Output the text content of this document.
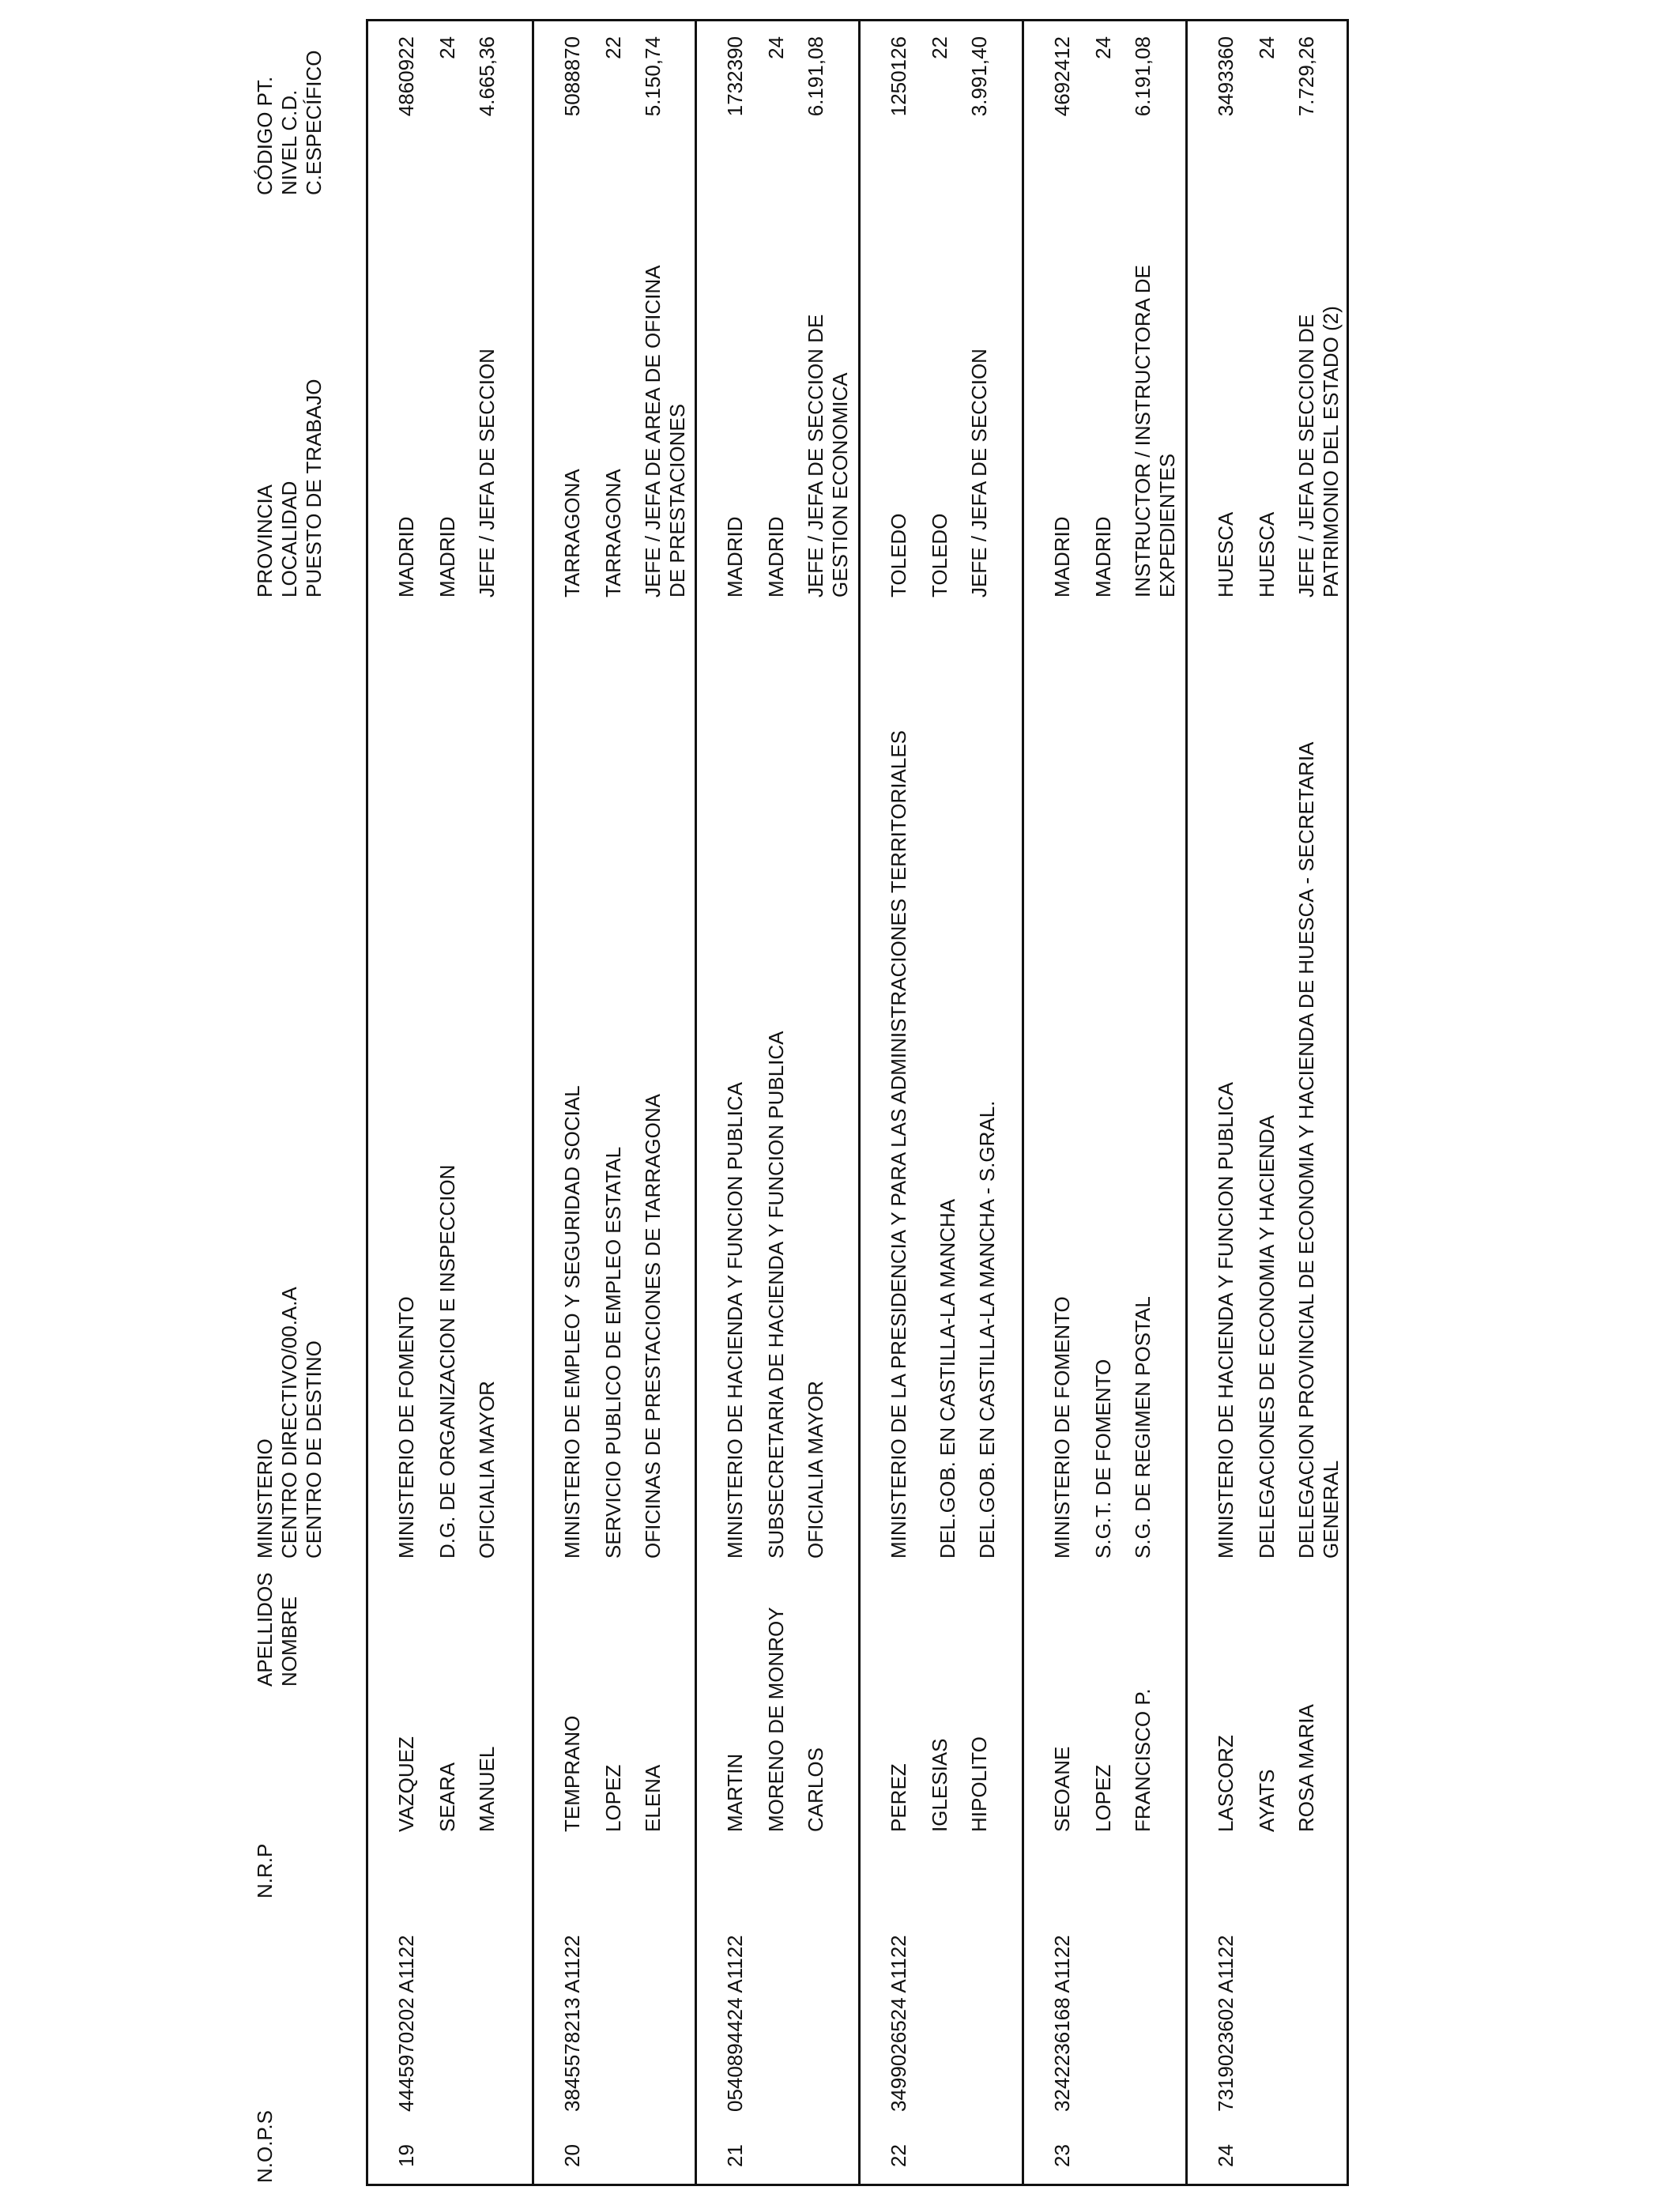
N.O.P.S
N.R.P
APELLIDOS NOMBRE
MINISTERIO CENTRO DIRECTIVO/00.A.A CENTRO DE DESTINO
PROVINCIA LOCALIDAD PUESTO DE TRABAJO
CÓDIGO PT. NIVEL C.D. C.ESPECÍFICO
19
4445970202 A1122
VAZQUEZ SEARA MANUEL
MINISTERIO DE FOMENTO D.G. DE ORGANIZACION E INSPECCION OFICIALIA MAYOR
MADRID MADRID JEFE / JEFA DE SECCION
4860922 24 4.665,36
20
3845578213 A1122
TEMPRANO LOPEZ ELENA
MINISTERIO DE EMPLEO Y SEGURIDAD SOCIAL SERVICIO PUBLICO DE EMPLEO ESTATAL OFICINAS DE PRESTACIONES DE TARRAGONA
TARRAGONA TARRAGONA JEFE / JEFA DE AREA DE OFICINA DE PRESTACIONES
5088870 22 5.150,74
21
0540894424 A1122
MARTIN MORENO DE MONROY CARLOS
MINISTERIO DE HACIENDA Y FUNCION PUBLICA SUBSECRETARIA DE HACIENDA Y FUNCION PUBLICA OFICIALIA MAYOR
MADRID MADRID JEFE / JEFA DE SECCION DE GESTION ECONOMICA
1732390 24 6.191,08
22
3499026524 A1122
PEREZ IGLESIAS HIPOLITO
MINISTERIO DE LA PRESIDENCIA Y PARA LAS ADMINISTRACIONES TERRITORIALES DEL.GOB. EN CASTILLA-LA MANCHA DEL.GOB. EN CASTILLA-LA MANCHA - S.GRAL.
TOLEDO TOLEDO JEFE / JEFA DE SECCION
1250126 22 3.991,40
23
3242236168 A1122
SEOANE LOPEZ FRANCISCO P.
MINISTERIO DE FOMENTO S.G.T. DE FOMENTO S.G. DE REGIMEN POSTAL
MADRID MADRID INSTRUCTOR / INSTRUCTORA DE EXPEDIENTES
4692412 24 6.191,08
24
7319023602 A1122
LASCORZ AYATS ROSA MARIA
MINISTERIO DE HACIENDA Y FUNCION PUBLICA DELEGACIONES DE ECONOMIA Y HACIENDA DELEGACION PROVINCIAL DE ECONOMIA Y HACIENDA DE HUESCA - SECRETARIA GENERAL
HUESCA HUESCA JEFE / JEFA DE SECCION DE PATRIMONIO DEL ESTADO (2)
3493360 24 7.729,26
